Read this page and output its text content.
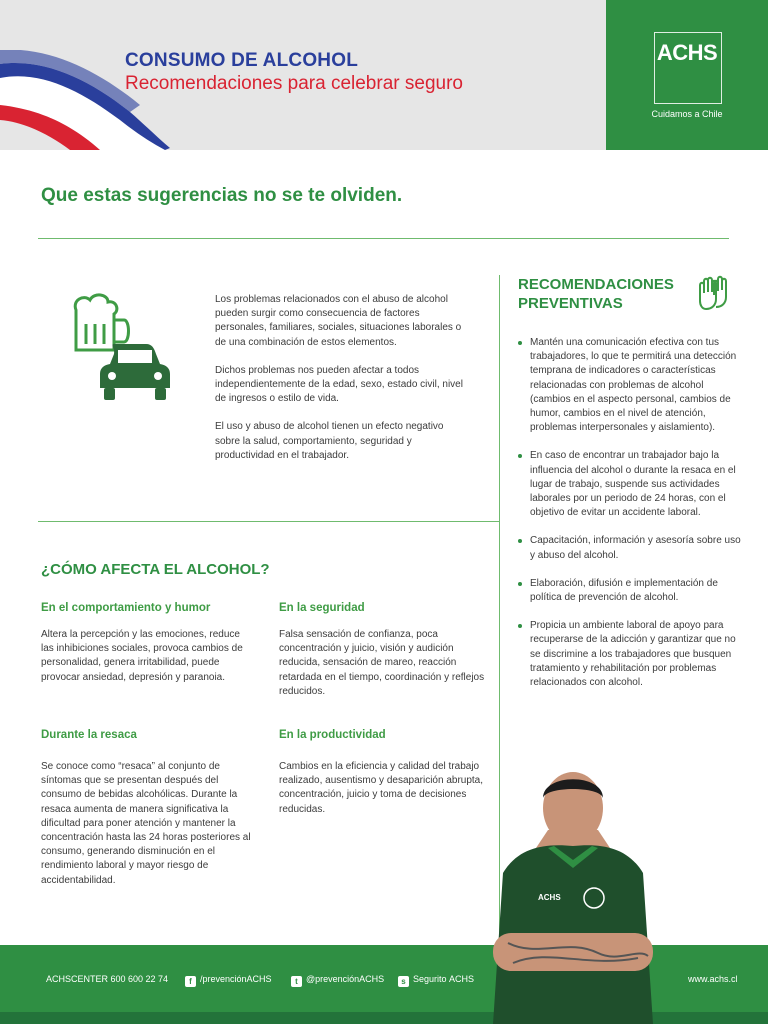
CONSUMO DE ALCOHOL
Recomendaciones para celebrar seguro
ACHS
Cuidamos a Chile
Que estas sugerencias no se te olviden.

Los problemas relacionados con el abuso de alcohol pueden surgir como consecuencia de factores personales, familiares, sociales, situaciones laborales o de una combinación de estos elementos.

Dichos problemas nos pueden afectar a todos independientemente de la edad, sexo, estado civil, nivel de ingresos o estilo de vida.

El uso y abuso de alcohol tienen un efecto negativo sobre la salud, comportamiento, seguridad y productividad en el trabajador.

RECOMENDACIONES
PREVENTIVAS
Mantén una comunicación efectiva con tus trabajadores, lo que te permitirá una detección temprana de indicadores o características relacionadas con problemas de alcohol (cambios en el aspecto personal, cambios de humor, cambios en el nivel de atención, problemas interpersonales y aislamiento).
En caso de encontrar un trabajador bajo la influencia del alcohol o durante la resaca en el lugar de trabajo, suspende sus actividades laborales por un periodo de 24 horas, con el objetivo de evitar un accidente laboral.
Capacitación, información y asesoría sobre uso y abuso del alcohol.
Elaboración, difusión e implementación de política de prevención de alcohol.
Propicia un ambiente laboral de apoyo para recuperarse de la adicción y garantizar que no se discrimine a los trabajadores que busquen tratamiento y rehabilitación por problemas relacionados con alcohol.
¿CÓMO AFECTA EL ALCOHOL?
En el comportamiento y humor
Altera la percepción y las emociones, reduce las inhibiciones sociales, provoca cambios de personalidad, genera irritabilidad, puede provocar ansiedad, depresión y paranoia.
En la seguridad
Falsa sensación de confianza, poca concentración y juicio, visión y audición reducida, sensación de mareo, reacción retardada en el tiempo, coordinación y reflejos reducidos.
Durante la resaca
Se conoce como “resaca” al conjunto de síntomas que se presentan después del consumo de bebidas alcohólicas. Durante la resaca aumenta de manera significativa la dificultad para poner atención y mantener la concentración hasta las 24 horas posteriores al consumo, generando disminución en el rendimiento laboral y mayor riesgo de accidentabilidad.
En la productividad
Cambios en la eficiencia y calidad del trabajo realizado, ausentismo y desaparición abrupta, concentración, juicio y toma de decisiones reducidas.
ACHSCENTER 600 600 22 74	f /prevenciónACHS	t @prevenciónACHS	s Seguritо ACHS	www.achs.cl
ACHS
